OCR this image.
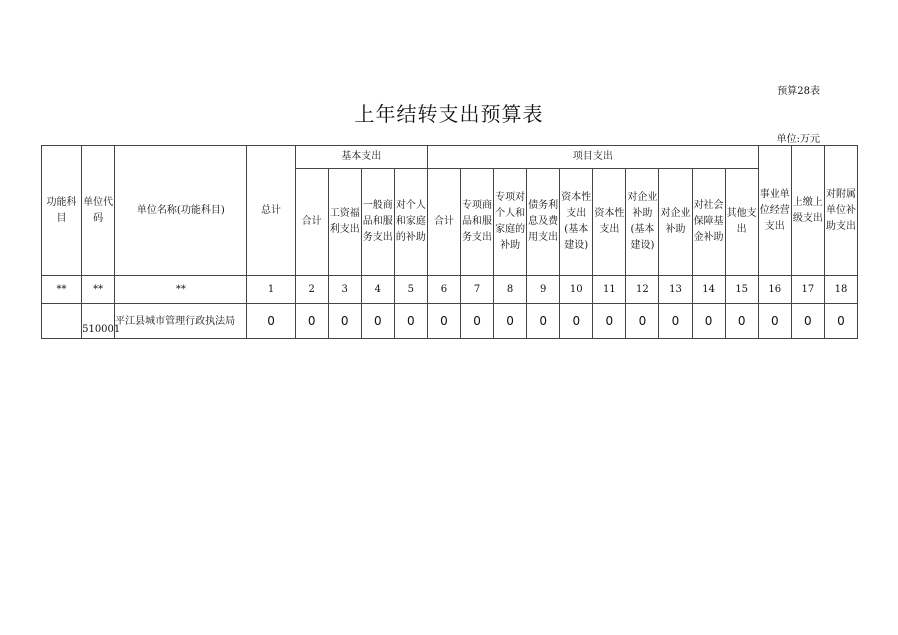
预算28表
上年结转支出预算表
单位:万元
功能科目	单位代码	单位名称(功能科目)	总计	基本支出				项目支出										事业单位经营支出	上缴上级支出	对附属单位补助支出
				合计	工资福利支出	一般商品和服务支出	对个人和家庭的补助	合计	专项商品和服务支出	专项对个人和家庭的补助	债务利息及费用支出	资本性支出(基本建设)	资本性支出	对企业补助(基本建设)	对企业补助	对社会保障基金补助	其他支出			
**	**	**	1	2	3	4	5	6	7	8	9	10	11	12	13	14	15	16	17	18
	510001	平江县城市管理行政执法局	0	0	0	0	0	0	0	0	0	0	0	0	0	0	0	0	0	0
